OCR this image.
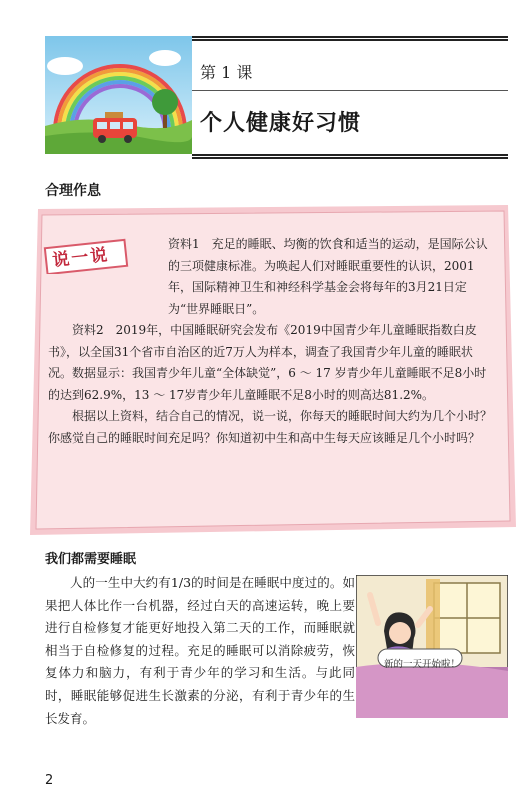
第 1 课
个人健康好习惯
合理作息
说一说

资料1　充足的睡眠、均衡的饮食和适当的运动，是国际公认的三项健康标准。为唤起人们对睡眠重要性的认识，2001 年，国际精神卫生和神经科学基金会将每年的3月21日定为“世界睡眠日”。

资料2　2019年，中国睡眠研究会发布《2019中国青少年儿童睡眠指数白皮书》，以全国31个省市自治区的近7万人为样本，调查了我国青少年儿童的睡眠状况。数据显示：我国青少年儿童“全体缺觉”，6 ～ 17 岁青少年儿童睡眠不足8小时的达到62.9%，13 ～ 17岁青少年儿童睡眠不足8小时的则高达81.2%。

根据以上资料，结合自己的情况，说一说，你每天的睡眠时间大约为几个小时？你感觉自己的睡眠时间充足吗？你知道初中生和高中生每天应该睡足几个小时吗？

我们都需要睡眠

人的一生中大约有1/3的时间是在睡眠中度过的。如果把人体比作一台机器，经过白天的高速运转，晚上要进行自检修复才能更好地投入第二天的工作，而睡眠就相当于自检修复的过程。充足的睡眠可以消除疲劳，恢复体力和脑力，有利于青少年的学习和生活。与此同时，睡眠能够促进生长激素的分泌，有利于青少年的生长发育。

新的一天开始啦！
2
